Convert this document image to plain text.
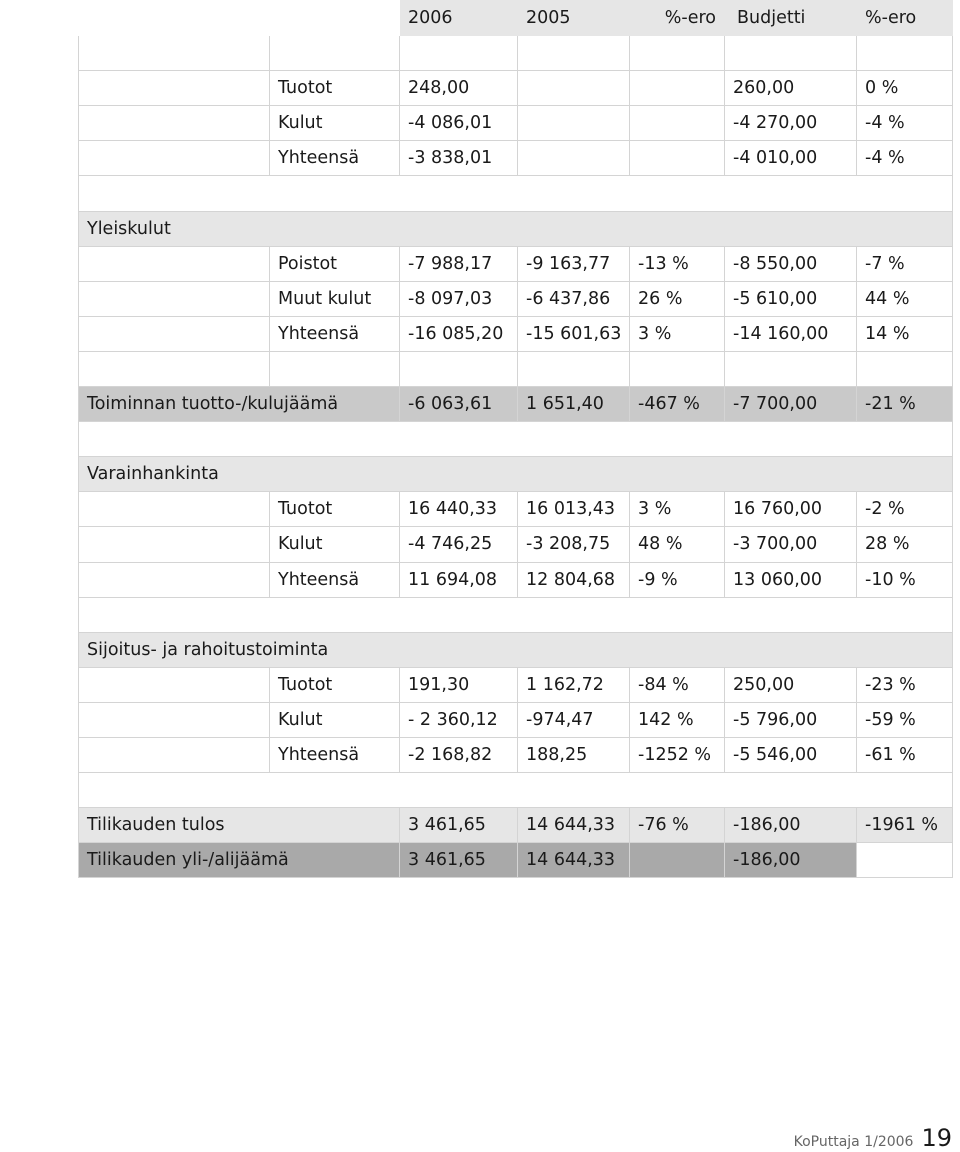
		2006	2005	%-ero	Budjetti	%-ero

	Tuotot	248,00			260,00	0 %
	Kulut	-4 086,01			-4 270,00	-4 %
	Yhteensä	-3 838,01			-4 010,00	-4 %

Yleiskulut						
	Poistot	-7 988,17	-9 163,77	-13 %	-8 550,00	-7 %
	Muut kulut	-8 097,03	-6 437,86	26 %	-5 610,00	44 %
	Yhteensä	-16 085,20	-15 601,63	3 %	-14 160,00	14 %

Toiminnan tuotto-/kulujäämä		-6 063,61	1 651,40	-467 %	-7 700,00	-21 %

Varainhankinta						
	Tuotot	16 440,33	16 013,43	3 %	16 760,00	-2 %
	Kulut	-4 746,25	-3 208,75	48 %	-3 700,00	28 %
	Yhteensä	11 694,08	12 804,68	-9 %	13 060,00	-10 %

Sijoitus- ja rahoitustoiminta						
	Tuotot	191,30	1 162,72	-84 %	250,00	-23 %
	Kulut	- 2 360,12	-974,47	142 %	-5 796,00	-59 %
	Yhteensä	-2 168,82	188,25	-1252 %	-5 546,00	-61 %

Tilikauden tulos		3 461,65	14 644,33	-76 %	-186,00	-1961 %
Tilikauden yli-/alijäämä		3 461,65	14 644,33		-186,00	
KoPuttaja 1/2006 19
